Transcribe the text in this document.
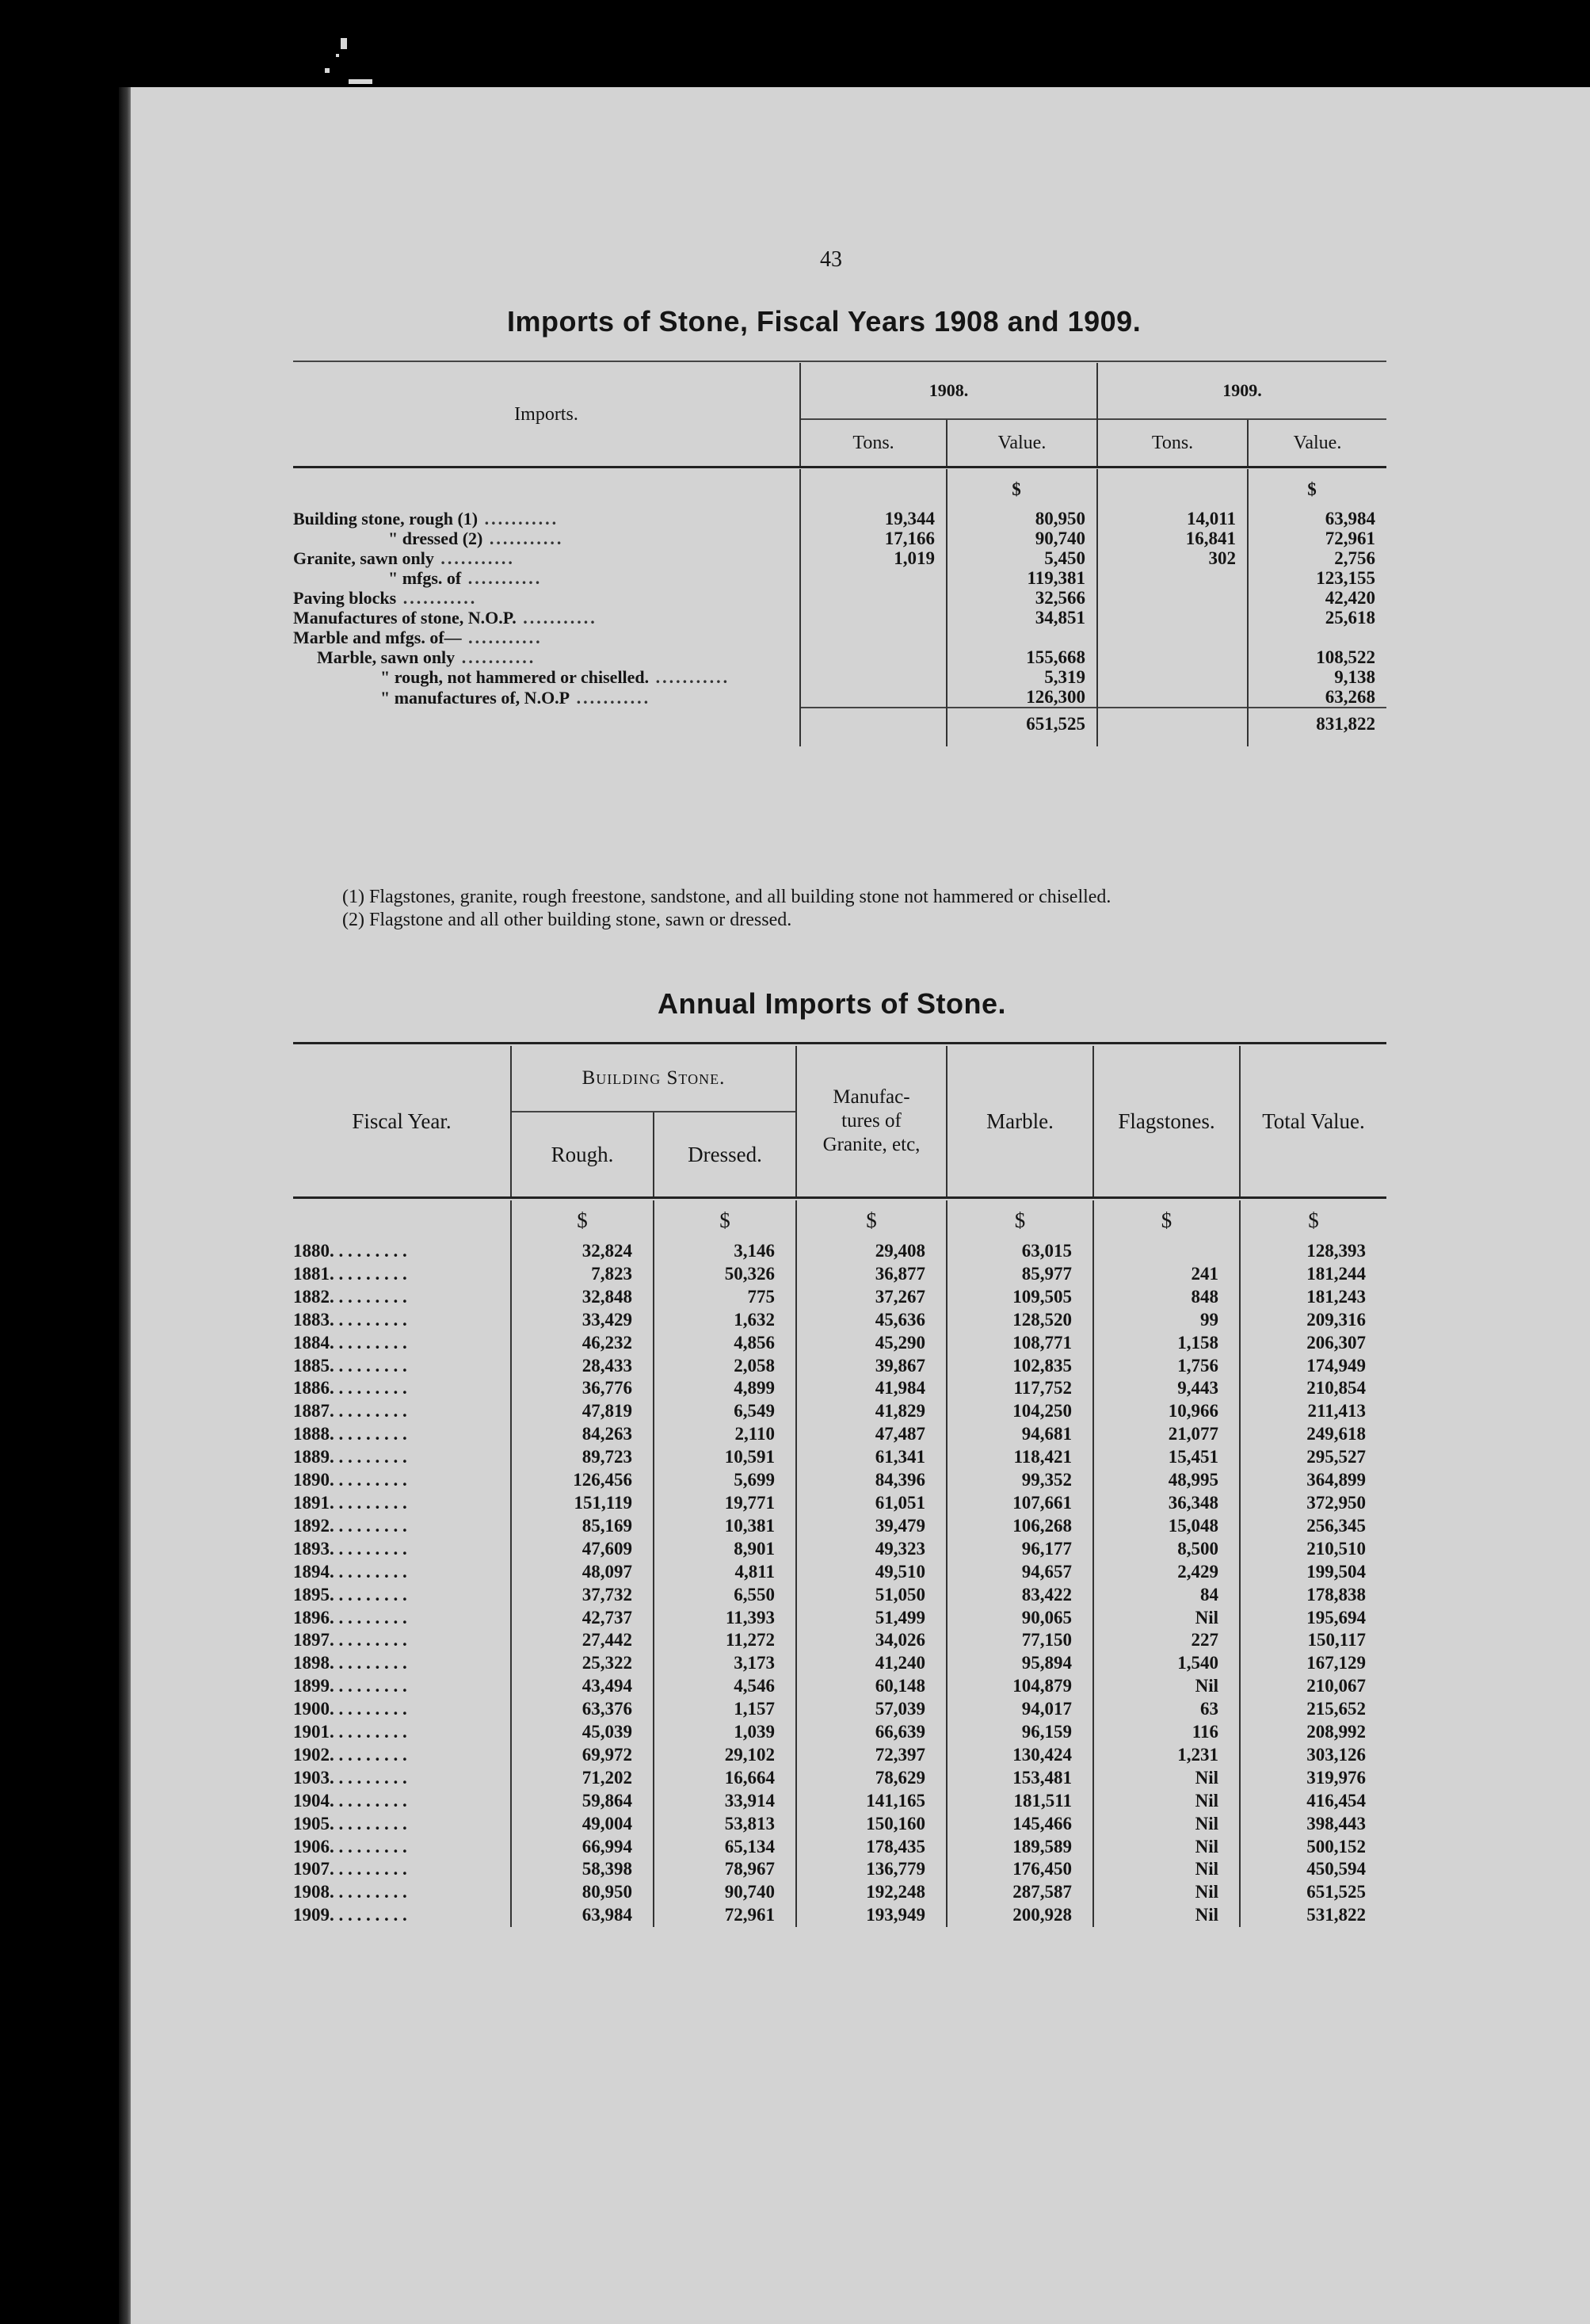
43
Imports of Stone, Fiscal Years 1908 and 1909.

Imports.	1908.		1909.	
	Tons.	Value.	Tons.	Value.

		$		$
Building stone, rough (1) ...........	19,344	80,950	14,011	63,984
" dressed (2) ...........	17,166	90,740	16,841	72,961
Granite, sawn only ...........	1,019	5,450	302	2,756
" mfgs. of ...........		119,381		123,155
Paving blocks ...........		32,566		42,420
Manufactures of stone, N.O.P. ...........		34,851		25,618
Marble and mfgs. of— ...........				
Marble, sawn only ...........		155,668		108,522
" rough, not hammered or chiselled. ...........		5,319		9,138
" manufactures of, N.O.P ...........		126,300		63,268
		651,525		831,822

(1) Flagstones, granite, rough freestone, sandstone, and all building stone not hammered or chiselled.

(2) Flagstone and all other building stone, sawn or dressed.

Annual Imports of Stone.

Fiscal Year.	Building Stone.		Manufac-
tures of
Granite, etc,	Marble.	Flagstones.	Total Value.
	Rough.	Dressed.				

	$	$	$	$	$	$
1880. . . . . . . . .	32,824	3,146	29,408	63,015		128,393
1881. . . . . . . . .	7,823	50,326	36,877	85,977	241	181,244
1882. . . . . . . . .	32,848	775	37,267	109,505	848	181,243
1883. . . . . . . . .	33,429	1,632	45,636	128,520	99	209,316
1884. . . . . . . . .	46,232	4,856	45,290	108,771	1,158	206,307
1885. . . . . . . . .	28,433	2,058	39,867	102,835	1,756	174,949
1886. . . . . . . . .	36,776	4,899	41,984	117,752	9,443	210,854
1887. . . . . . . . .	47,819	6,549	41,829	104,250	10,966	211,413
1888. . . . . . . . .	84,263	2,110	47,487	94,681	21,077	249,618
1889. . . . . . . . .	89,723	10,591	61,341	118,421	15,451	295,527
1890. . . . . . . . .	126,456	5,699	84,396	99,352	48,995	364,899
1891. . . . . . . . .	151,119	19,771	61,051	107,661	36,348	372,950
1892. . . . . . . . .	85,169	10,381	39,479	106,268	15,048	256,345
1893. . . . . . . . .	47,609	8,901	49,323	96,177	8,500	210,510
1894. . . . . . . . .	48,097	4,811	49,510	94,657	2,429	199,504
1895. . . . . . . . .	37,732	6,550	51,050	83,422	84	178,838
1896. . . . . . . . .	42,737	11,393	51,499	90,065	Nil	195,694
1897. . . . . . . . .	27,442	11,272	34,026	77,150	227	150,117
1898. . . . . . . . .	25,322	3,173	41,240	95,894	1,540	167,129
1899. . . . . . . . .	43,494	4,546	60,148	104,879	Nil	210,067
1900. . . . . . . . .	63,376	1,157	57,039	94,017	63	215,652
1901. . . . . . . . .	45,039	1,039	66,639	96,159	116	208,992
1902. . . . . . . . .	69,972	29,102	72,397	130,424	1,231	303,126
1903. . . . . . . . .	71,202	16,664	78,629	153,481	Nil	319,976
1904. . . . . . . . .	59,864	33,914	141,165	181,511	Nil	416,454
1905. . . . . . . . .	49,004	53,813	150,160	145,466	Nil	398,443
1906. . . . . . . . .	66,994	65,134	178,435	189,589	Nil	500,152
1907. . . . . . . . .	58,398	78,967	136,779	176,450	Nil	450,594
1908. . . . . . . . .	80,950	90,740	192,248	287,587	Nil	651,525
1909. . . . . . . . .	63,984	72,961	193,949	200,928	Nil	531,822
